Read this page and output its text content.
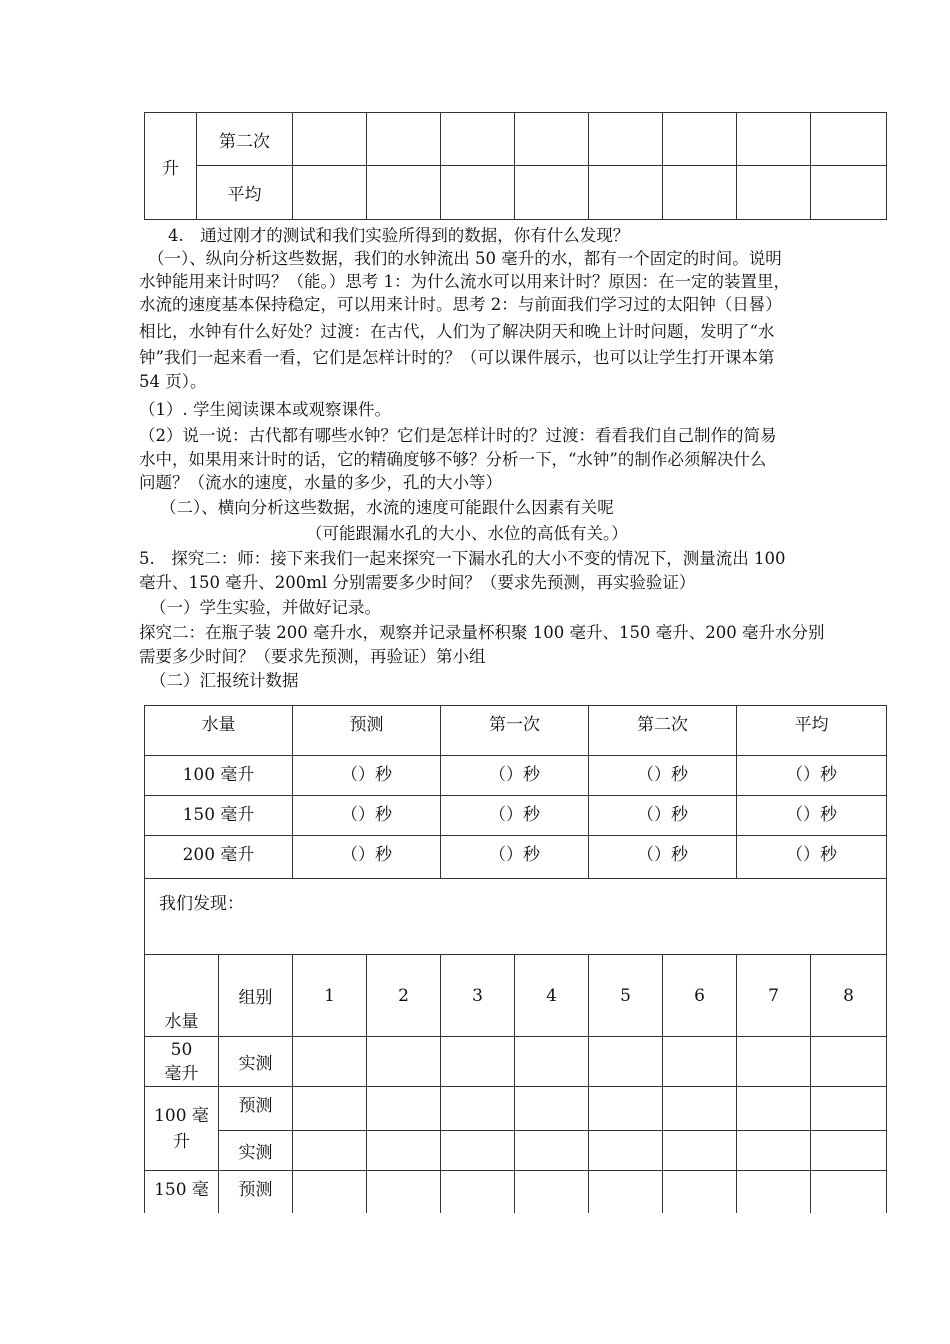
升	第二次								
	平均								
4.　通过刚才的测试和我们实验所得到的数据，你有什么发现？
（一）、纵向分析这些数据，我们的水钟流出 50 毫升的水，都有一个固定的时间。说明
水钟能用来计时吗？（能。）思考 1：为什么流水可以用来计时？原因：在一定的装置里，
水流的速度基本保持稳定，可以用来计时。思考 2：与前面我们学习过的太阳钟（日晷）
相比，水钟有什么好处？过渡：在古代，人们为了解决阴天和晚上计时问题，发明了“水
钟”我们一起来看一看，它们是怎样计时的？（可以课件展示，也可以让学生打开课本第
54 页）。
（1）. 学生阅读课本或观察课件。
（2）说一说：古代都有哪些水钟？它们是怎样计时的？过渡：看看我们自己制作的简易
水中，如果用来计时的话，它的精确度够不够？分析一下，“水钟”的制作必须解决什么
问题？（流水的速度，水量的多少，孔的大小等）
（二）、横向分析这些数据，水流的速度可能跟什么因素有关呢
（可能跟漏水孔的大小、水位的高低有关。）
5.　探究二：师：接下来我们一起来探究一下漏水孔的大小不变的情况下，测量流出 100
毫升、150 毫升、200ml 分别需要多少时间？（要求先预测，再实验验证）
（一）学生实验，并做好记录。
探究二：在瓶子装 200 毫升水，观察并记录量杯积聚 100 毫升、150 毫升、200 毫升水分别
需要多少时间？（要求先预测，再验证）第小组
（二）汇报统计数据
水量	预测	第一次	第二次	平均
100 毫升	（）秒	（）秒	（）秒	（）秒
150 毫升	（）秒	（）秒	（）秒	（）秒
200 毫升	（）秒	（）秒	（）秒	（）秒
我们发现：				
水量	组别	1	2	3	4	5	6	7	8

50
毫升	实测								

100 毫
升	预测								
	实测								

150 毫	预测								
